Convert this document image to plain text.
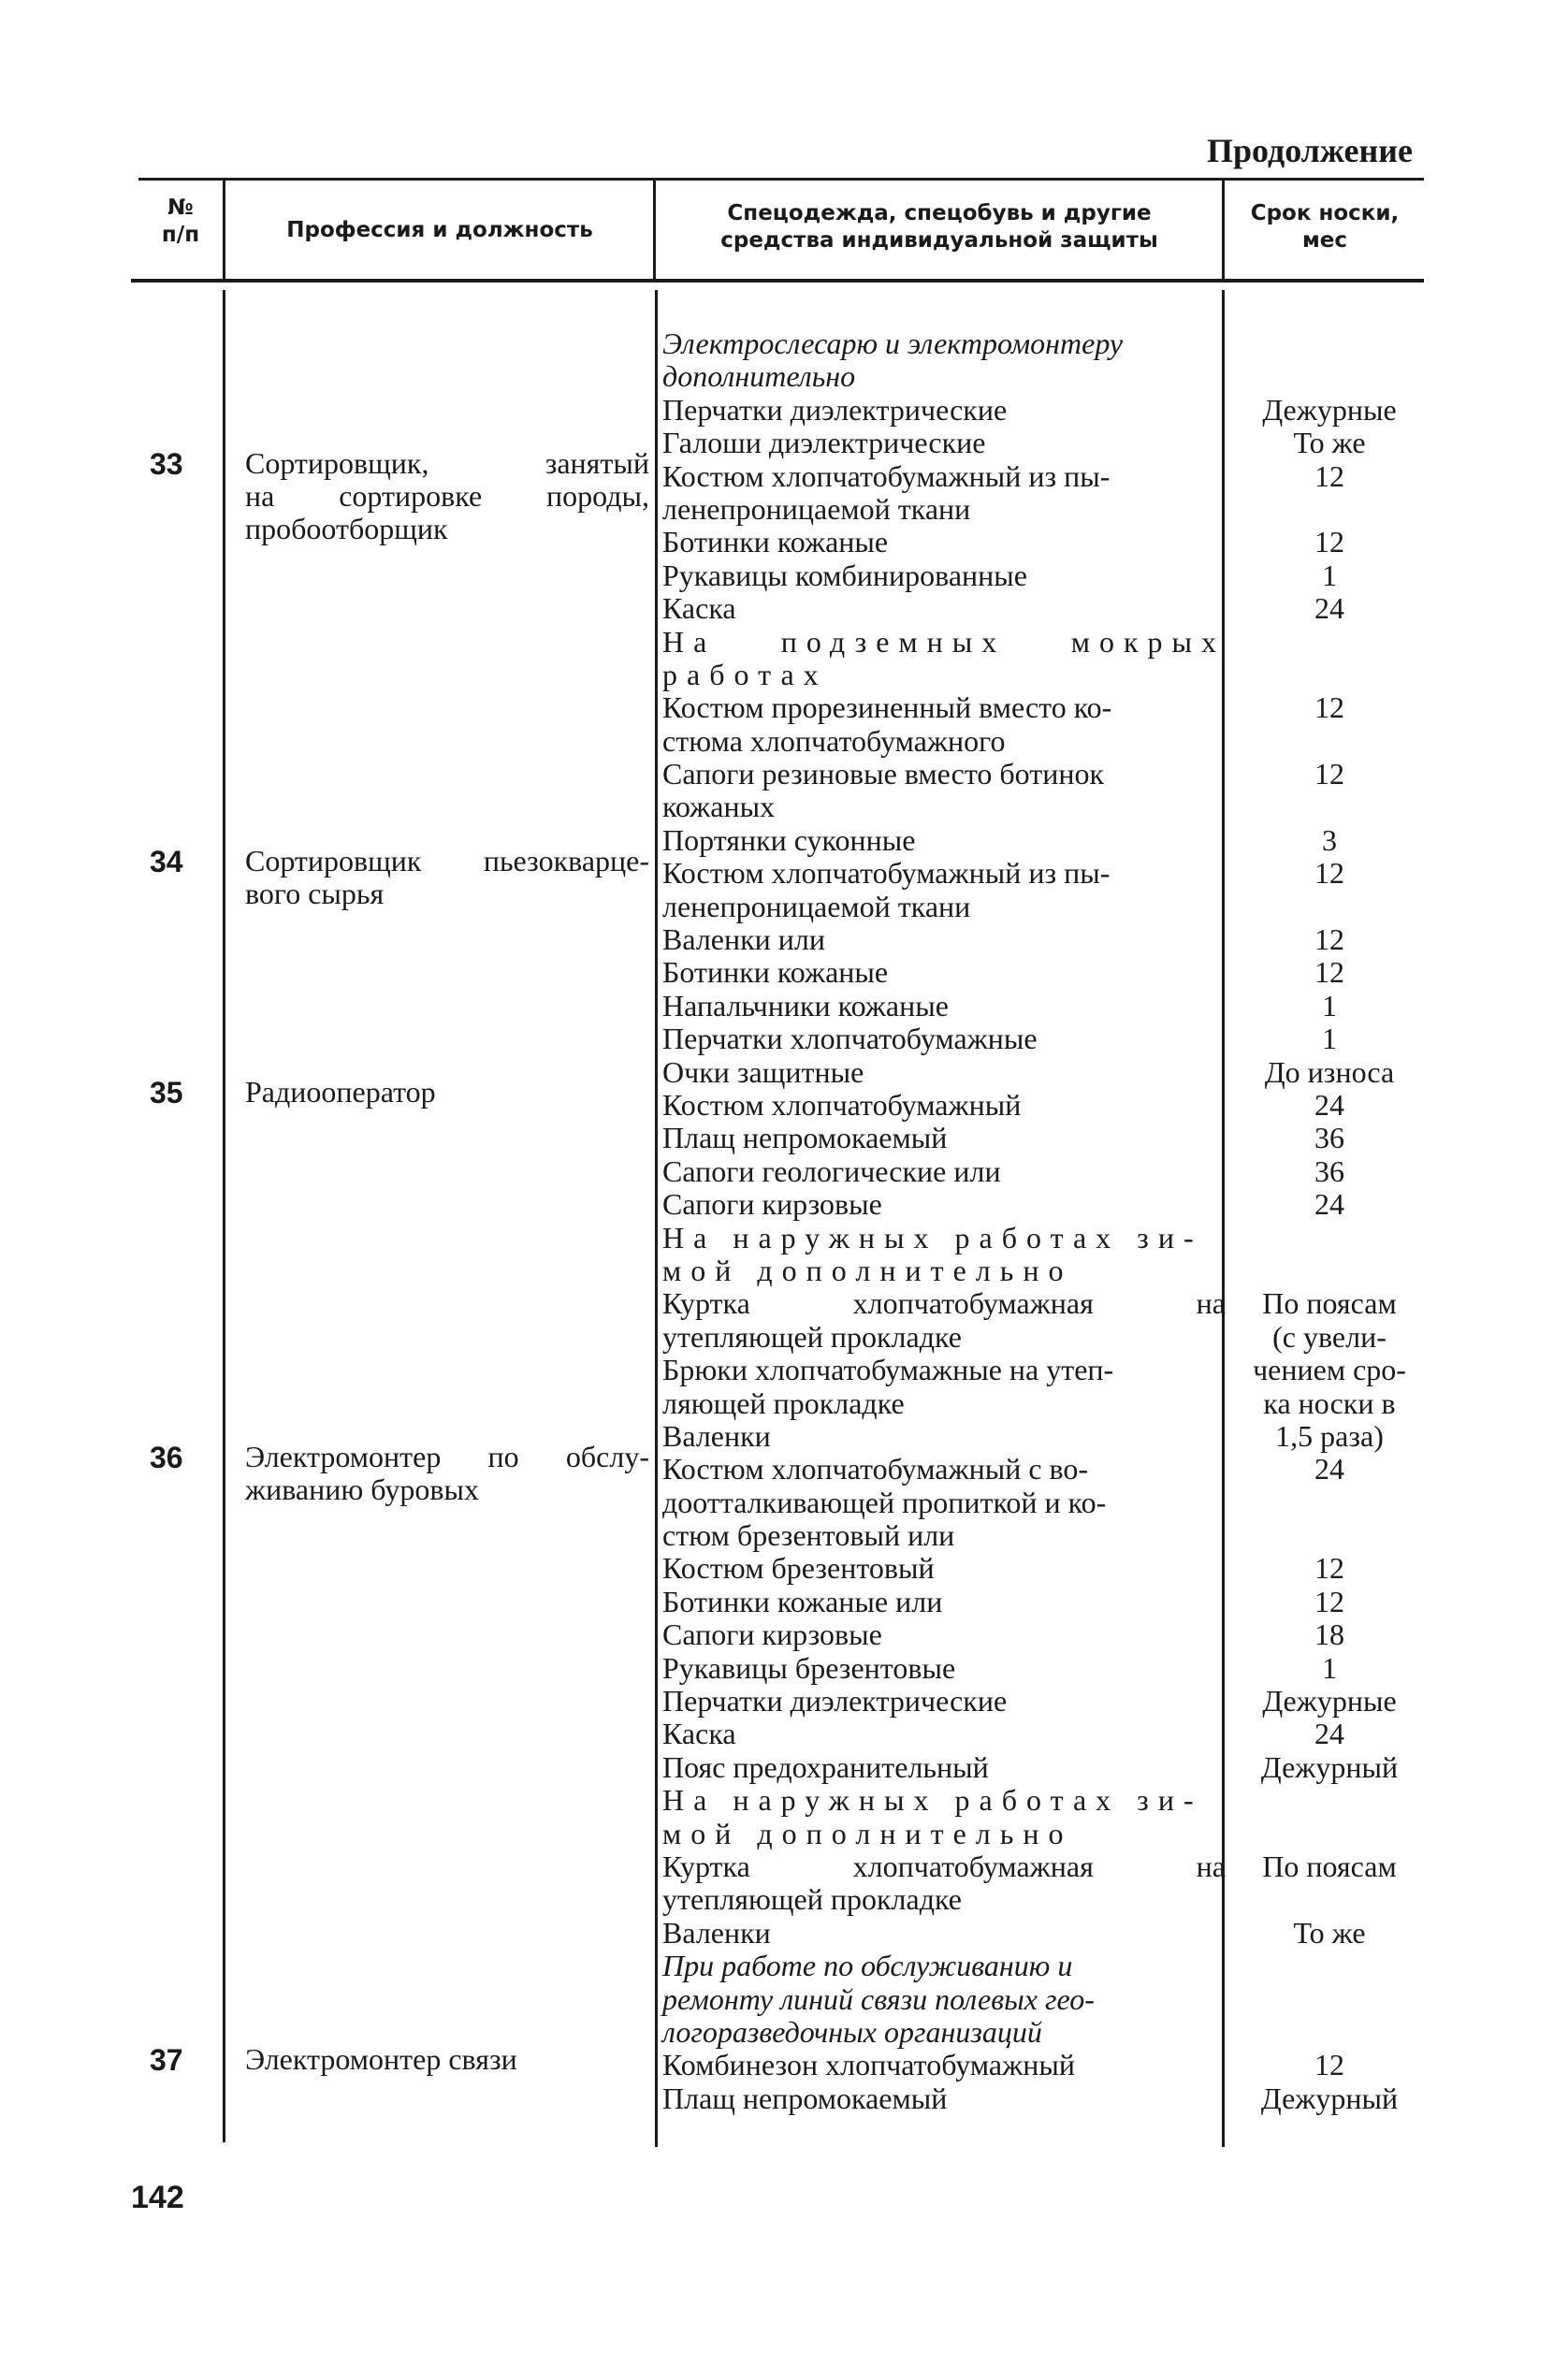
Продолжение
№
п/п	Профессия и должность
Спецодежда, спецобувь и другие
средства индивидуальной защиты
Срок носки,
мес
33
34
35
36
37
Сортировщик, занятый
на сортировке породы,
пробоотборщик
Сортировщик пьезокварце-
вого сырья
Радиооператор
Электромонтер по обслу-
живанию буровых
Электромонтер связи
Электрослесарю и электромонтеру
дополнительно
Перчатки диэлектрические
Галоши диэлектрические
Костюм хлопчатобумажный из пы-
ленепроницаемой ткани
Ботинки кожаные
Рукавицы комбинированные
Каска
На подземных мокрых
работах
Костюм прорезиненный вместо ко-
стюма хлопчатобумажного
Сапоги резиновые вместо ботинок
кожаных
Портянки суконные
Костюм хлопчатобумажный из пы-
ленепроницаемой ткани
Валенки или
Ботинки кожаные
Напальчники кожаные
Перчатки хлопчатобумажные
Очки защитные
Костюм хлопчатобумажный
Плащ непромокаемый
Сапоги геологические или
Сапоги кирзовые
На наружных работах зи-
мой дополнительно
Куртка хлопчатобумажная на
утепляющей прокладке
Брюки хлопчатобумажные на утеп-
ляющей прокладке
Валенки
Костюм хлопчатобумажный с во-
доотталкивающей пропиткой и ко-
стюм брезентовый или
Костюм брезентовый
Ботинки кожаные или
Сапоги кирзовые
Рукавицы брезентовые
Перчатки диэлектрические
Каска
Пояс предохранительный
На наружных работах зи-
мой дополнительно
Куртка хлопчатобумажная на
утепляющей прокладке
Валенки
При работе по обслуживанию и
ремонту линий связи полевых гео-
логоразведочных организаций
Комбинезон хлопчатобумажный
Плащ непромокаемый
Дежурные
То же
12
12
1
24
12
12
3
12
12
12
1
1
До износа
24
36
36
24
По поясам
(с увели-
чением сро-
ка носки в
1,5 раза)
24
12
12
18
1
Дежурные
24
Дежурный
По поясам
То же
12
Дежурный
142
